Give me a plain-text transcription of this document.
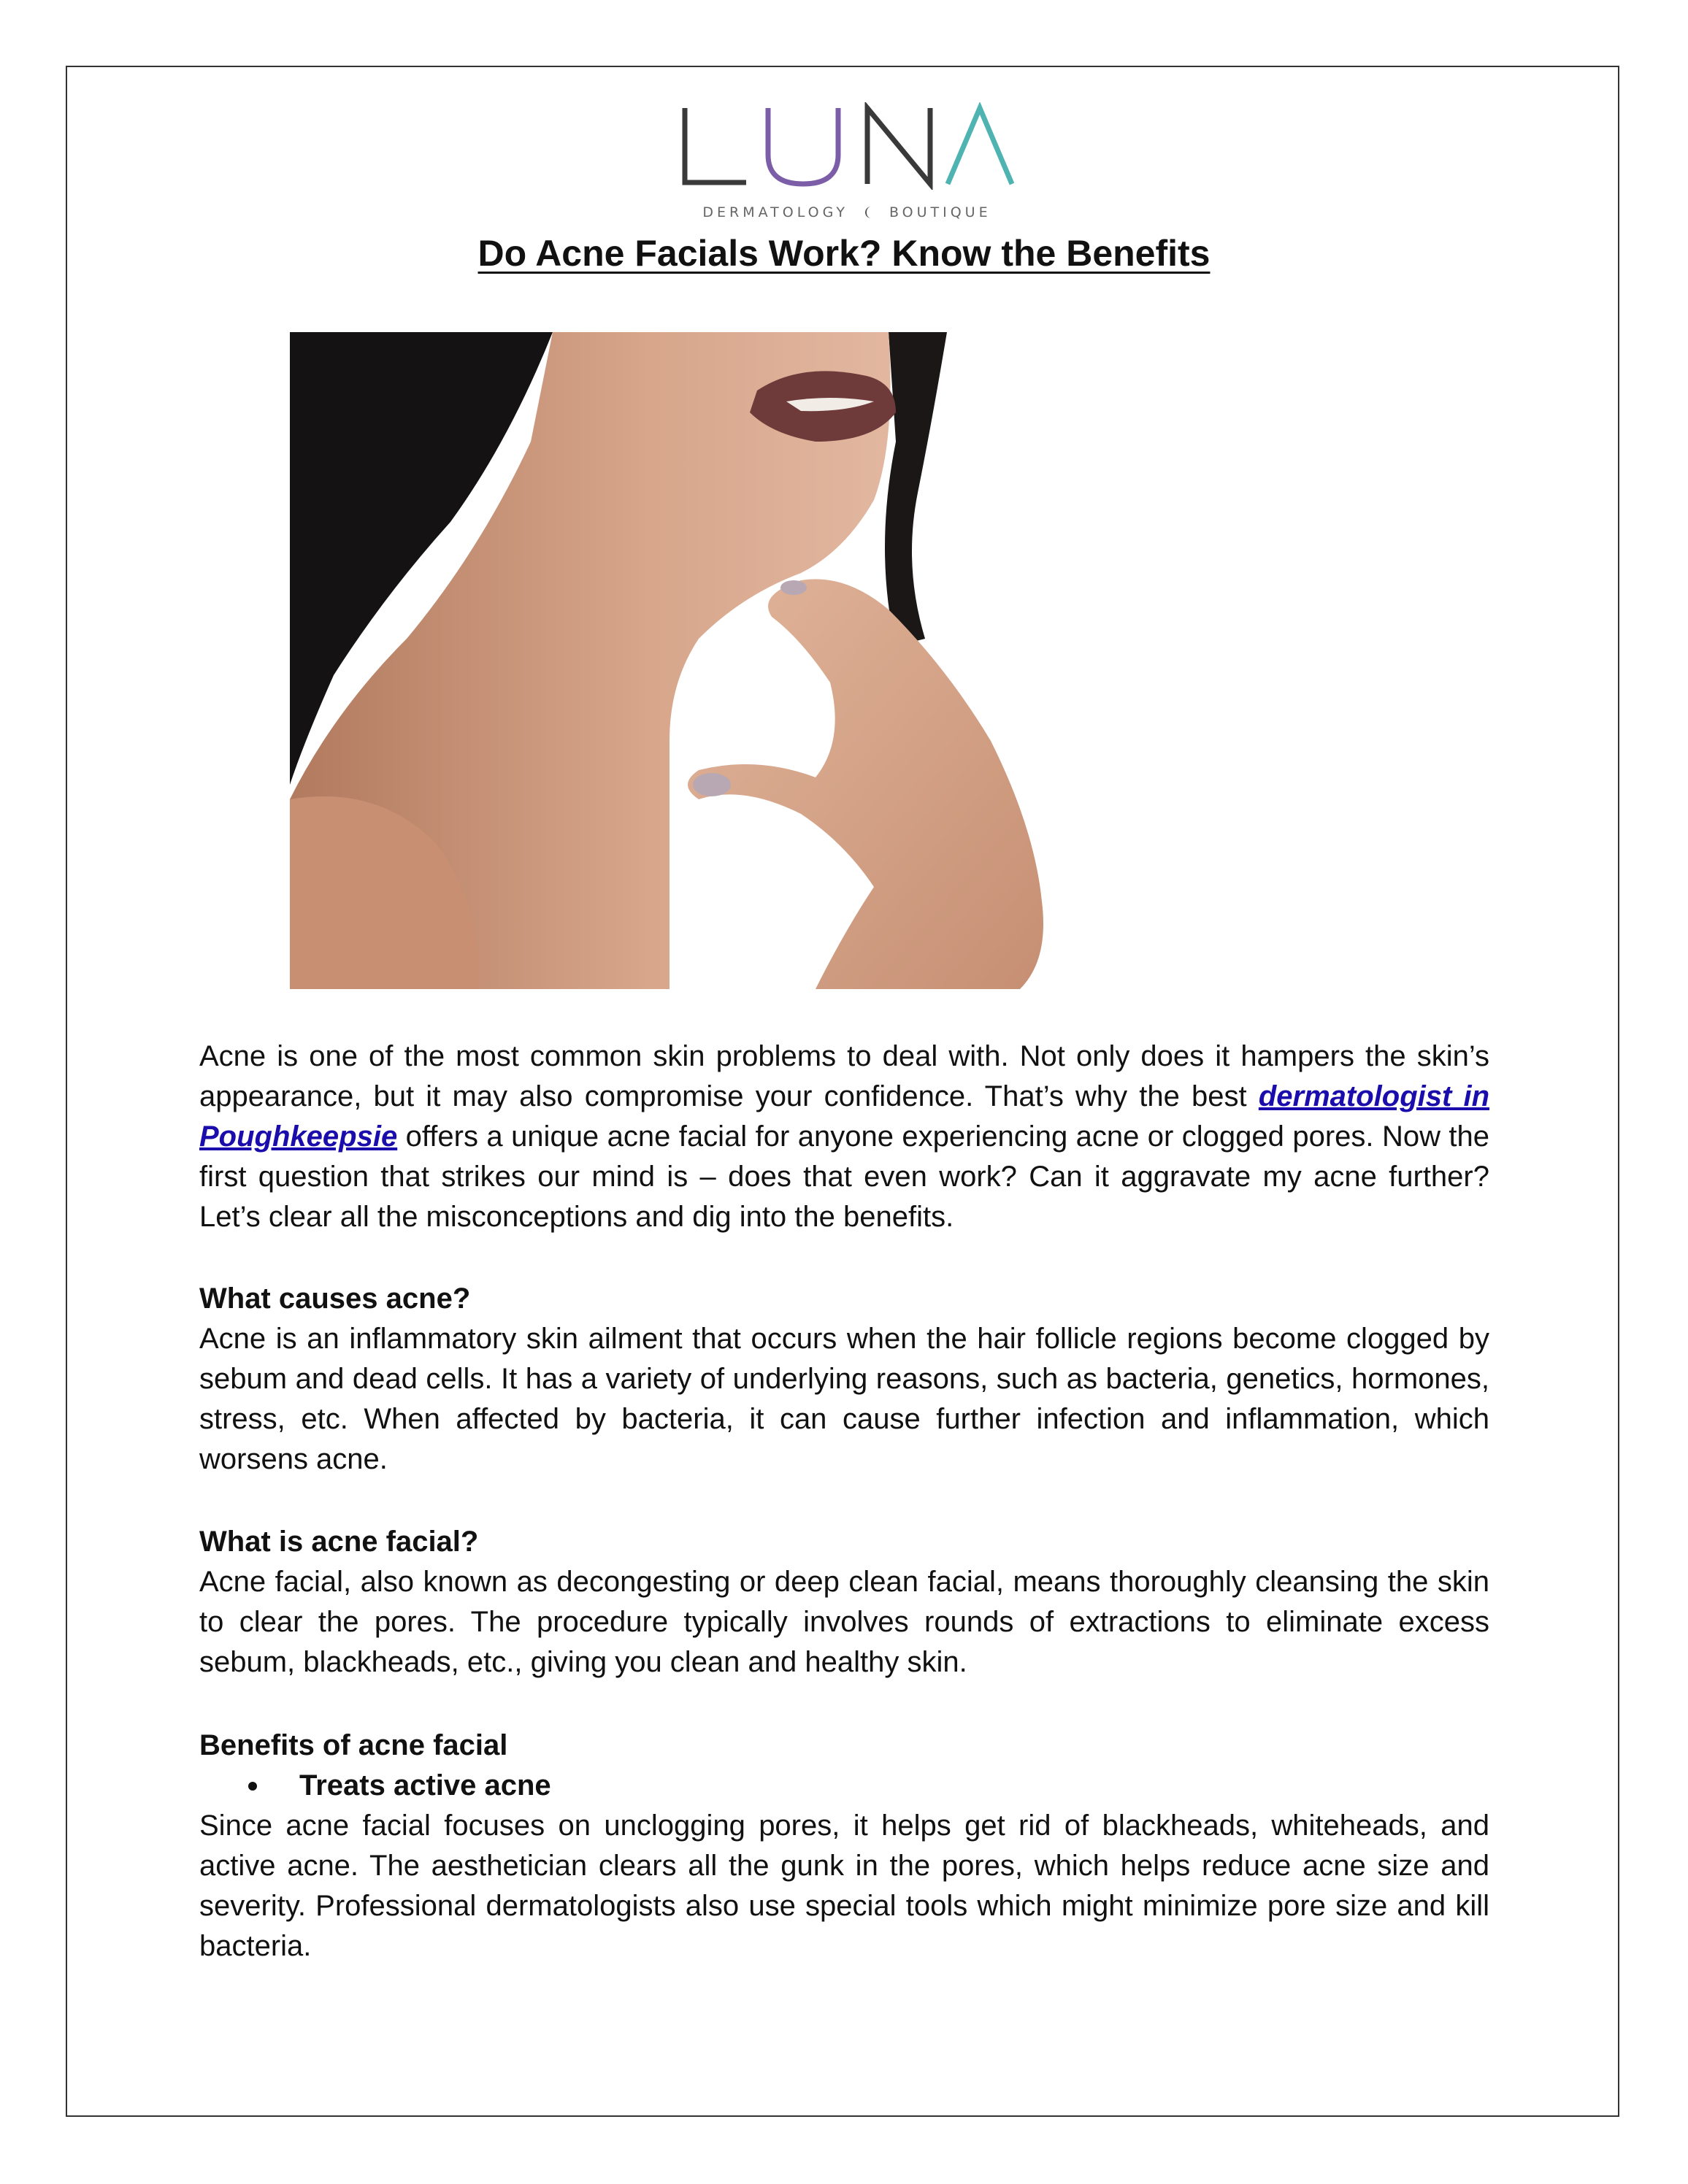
DERMATOLOGY	BOUTIQUE
Do Acne Facials Work? Know the Benefits

Acne is one of the most common skin problems to deal with. Not only does it hampers the skin’s appearance, but it may also compromise your confidence. That’s why the best dermatologist in Poughkeepsie offers a unique acne facial for anyone experiencing acne or clogged pores. Now the first question that strikes our mind is – does that even work? Can it aggravate my acne further? Let’s clear all the misconceptions and dig into the benefits.

What causes acne?

Acne is an inflammatory skin ailment that occurs when the hair follicle regions become clogged by sebum and dead cells. It has a variety of underlying reasons, such as bacteria, genetics, hormones, stress, etc. When affected by bacteria, it can cause further infection and inflammation, which worsens acne.

What is acne facial?

Acne facial, also known as decongesting or deep clean facial, means thoroughly cleansing the skin to clear the pores. The procedure typically involves rounds of extractions to eliminate excess sebum, blackheads, etc., giving you clean and healthy skin.

Benefits of acne facial
Treats active acne

Since acne facial focuses on unclogging pores, it helps get rid of blackheads, whiteheads, and active acne. The aesthetician clears all the gunk in the pores, which helps reduce acne size and severity. Professional dermatologists also use special tools which might minimize pore size and kill bacteria.
